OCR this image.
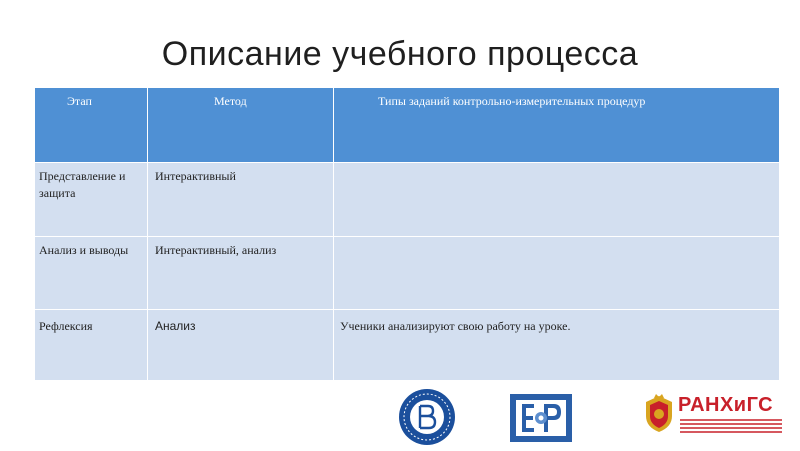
Описание учебного процесса
Этап	Метод	Типы заданий контрольно-измерительных процедур
Представление и защита	Интерактивный	
Анализ и выводы	Интерактивный, анализ	
Рефлексия	Анализ	Ученики анализируют свою работу на уроке.
РАНХиГС
